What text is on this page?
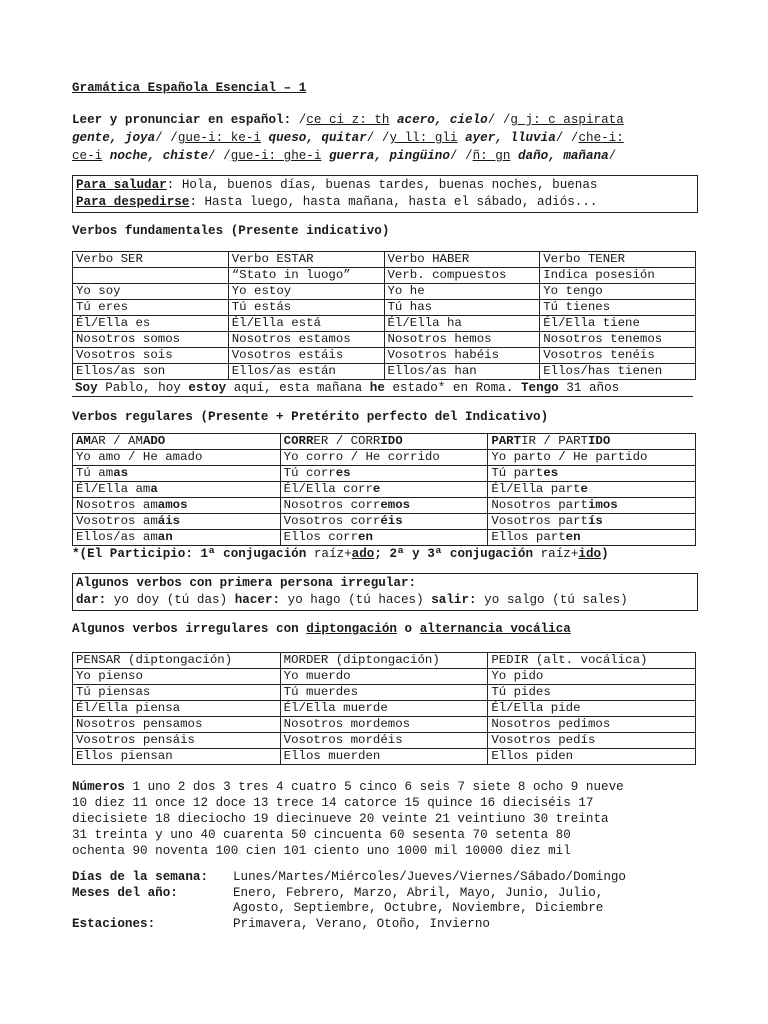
Gramática Española Esencial – 1
Leer y pronunciar en español: /ce ci z: th acero, cielo/ /g j: c aspirata
gente, joya/ /gue-i: ke-i queso, quitar/ /y ll: gli ayer, lluvia/ /che-i:
ce-i noche, chiste/ /gue-i: ghe-i guerra, pingüino/ /ñ: gn daño, mañana/
Para saludar: Hola, buenos días, buenas tardes, buenas noches, buenas
Para despedirse: Hasta luego, hasta mañana, hasta el sábado, adiós...
Verbos fundamentales (Presente indicativo)
Verbo SER	Verbo ESTAR	Verbo HABER	Verbo TENER
	“Stato in luogo”	Verb. compuestos	Indica posesión
Yo soy	Yo estoy	Yo he	Yo tengo
Tú eres	Tú estás	Tú has	Tú tienes
Él/Ella es	Él/Ella está	Él/Ella ha	Él/Ella tiene
Nosotros somos	Nosotros estamos	Nosotros hemos	Nosotros tenemos
Vosotros sois	Vosotros estáis	Vosotros habéis	Vosotros tenéis
Ellos/as son	Ellos/as están	Ellos/as han	Ellos/has tienen
Soy Pablo, hoy estoy aquí, esta mañana he estado* en Roma. Tengo 31 años
Verbos regulares (Presente + Pretérito perfecto del Indicativo)
AMAR / AMADO	CORRER / CORRIDO	PARTIR / PARTIDO
Yo amo / He amado	Yo corro / He corrido	Yo parto / He partido
Tú amas	Tú corres	Tú partes
Él/Ella ama	Él/Ella corre	Él/Ella parte
Nosotros amamos	Nosotros corremos	Nosotros partimos
Vosotros amáis	Vosotros corréis	Vosotros partís
Ellos/as aman	Ellos corren	Ellos parten
*(El Participio: 1ª conjugación raíz+ado; 2ª y 3ª conjugación raíz+ido)
Algunos verbos con primera persona irregular:
dar: yo doy (tú das) hacer: yo hago (tú haces) salir: yo salgo (tú sales)
Algunos verbos irregulares con diptongación o alternancia vocálica
PENSAR (diptongación)	MORDER (diptongación)	PEDIR (alt. vocálica)
Yo pienso	Yo muerdo	Yo pido
Tú piensas	Tú muerdes	Tú pides
Él/Ella piensa	Él/Ella muerde	Él/Ella pide
Nosotros pensamos	Nosotros mordemos	Nosotros pedimos
Vosotros pensáis	Vosotros mordéis	Vosotros pedís
Ellos piensan	Ellos muerden	Ellos piden
Números 1 uno 2 dos 3 tres 4 cuatro 5 cinco 6 seis 7 siete 8 ocho 9 nueve
10 diez 11 once 12 doce 13 trece 14 catorce 15 quince 16 dieciséis 17
diecisiete 18 dieciocho 19 diecinueve 20 veinte 21 veintiuno 30 treinta
31 treinta y uno 40 cuarenta 50 cincuenta 60 sesenta 70 setenta 80
ochenta 90 noventa 100 cien 101 ciento uno 1000 mil 10000 diez mil
Días de la semana:	Lunes/Martes/Miércoles/Jueves/Viernes/Sábado/Domingo
Meses del año:	Enero, Febrero, Marzo, Abril, Mayo, Junio, Julio,
Agosto, Septiembre, Octubre, Noviembre, Diciembre
Estaciones:	Primavera, Verano, Otoño, Invierno
